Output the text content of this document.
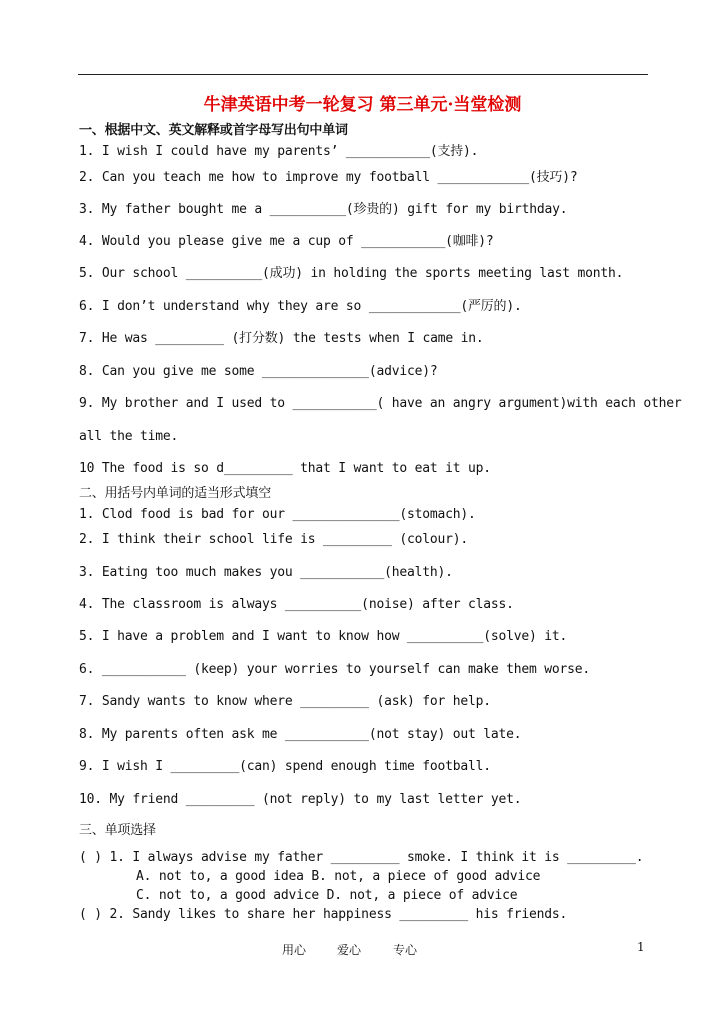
牛津英语中考一轮复习 第三单元·当堂检测
一、根据中文、英文解释或首字母写出句中单词
1. I wish I could have my parents’ ___________(支持).
2. Can you teach me how to improve my football ____________(技巧)?
3. My father bought me a __________(珍贵的) gift for my birthday.
4. Would you please give me a cup of ___________(咖啡)?
5. Our school __________(成功) in holding the sports meeting last month.
6. I don’t understand why they are so ____________(严厉的).
7. He was _________ (打分数) the tests when I came in.
8. Can you give me some ______________(advice)?
9. My brother and I used to ___________( have an angry argument)with each other
all the time.
10 The food is so d_________ that I want to eat it up.
二、用括号内单词的适当形式填空
1. Clod food is bad for our ______________(stomach).
2. I think their school life is _________ (colour).
3. Eating too much makes you ___________(health).
4. The classroom is always __________(noise) after class.
5. I have a problem and I want to know how __________(solve) it.
6. ___________ (keep) your worries to yourself can make them worse.
7. Sandy wants to know where _________ (ask) for help.
8. My parents often ask me ___________(not stay) out late.
9. I wish I _________(can) spend enough time football.
10. My friend _________ (not reply) to my last letter yet.
三、单项选择
( ) 1. I always advise my father _________ smoke. I think it is _________.
A. not to, a good idea B. not, a piece of good advice
C. not to, a good advice D. not, a piece of advice
( ) 2. Sandy likes to share her happiness _________ his friends.
用心	爱心	专心	1
